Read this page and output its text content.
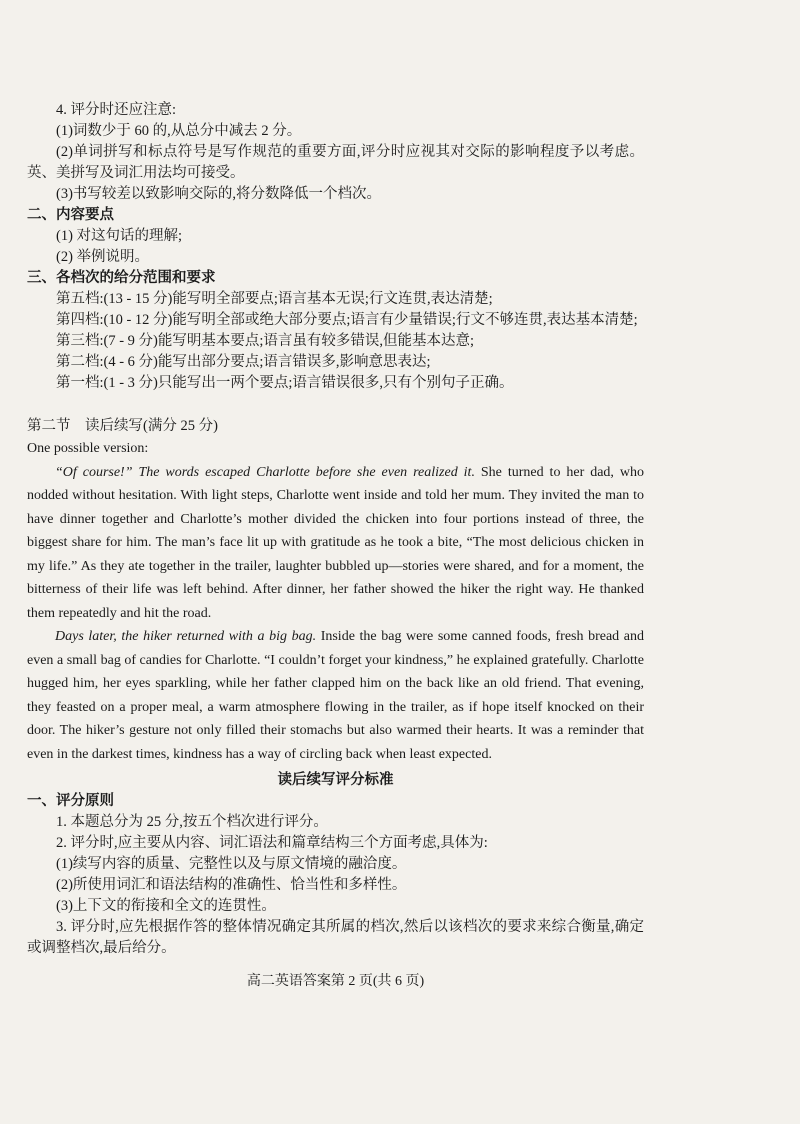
4. 评分时还应注意:

(1)词数少于 60 的,从总分中减去 2 分。

(2)单词拼写和标点符号是写作规范的重要方面,评分时应视其对交际的影响程度予以考虑。英、美拼写及词汇用法均可接受。

(3)书写较差以致影响交际的,将分数降低一个档次。

二、内容要点

(1) 对这句话的理解;

(2) 举例说明。

三、各档次的给分范围和要求

第五档:(13 - 15 分)能写明全部要点;语言基本无误;行文连贯,表达清楚;

第四档:(10 - 12 分)能写明全部或绝大部分要点;语言有少量错误;行文不够连贯,表达基本清楚;

第三档:(7 - 9 分)能写明基本要点;语言虽有较多错误,但能基本达意;

第二档:(4 - 6 分)能写出部分要点;语言错误多,影响意思表达;

第一档:(1 - 3 分)只能写出一两个要点;语言错误很多,只有个别句子正确。

第二节　读后续写(满分 25 分)

One possible version:

“Of course!” The words escaped Charlotte before she even realized it. She turned to her dad, who nodded without hesitation. With light steps, Charlotte went inside and told her mum. They invited the man to have dinner together and Charlotte’s mother divided the chicken into four portions instead of three, the biggest share for him. The man’s face lit up with gratitude as he took a bite, “The most delicious chicken in my life.” As they ate together in the trailer, laughter bubbled up—stories were shared, and for a moment, the bitterness of their life was left behind. After dinner, her father showed the hiker the right way. He thanked them repeatedly and hit the road.

Days later, the hiker returned with a big bag. Inside the bag were some canned foods, fresh bread and even a small bag of candies for Charlotte. “I couldn’t forget your kindness,” he explained gratefully. Charlotte hugged him, her eyes sparkling, while her father clapped him on the back like an old friend. That evening, they feasted on a proper meal, a warm atmosphere flowing in the trailer, as if hope itself knocked on their door. The hiker’s gesture not only filled their stomachs but also warmed their hearts. It was a reminder that even in the darkest times, kindness has a way of circling back when least expected.

读后续写评分标准

一、评分原则

1. 本题总分为 25 分,按五个档次进行评分。

2. 评分时,应主要从内容、词汇语法和篇章结构三个方面考虑,具体为:

(1)续写内容的质量、完整性以及与原文情境的融洽度。

(2)所使用词汇和语法结构的准确性、恰当性和多样性。

(3)上下文的衔接和全文的连贯性。

3. 评分时,应先根据作答的整体情况确定其所属的档次,然后以该档次的要求来综合衡量,确定或调整档次,最后给分。

高二英语答案第 2 页(共 6 页)
